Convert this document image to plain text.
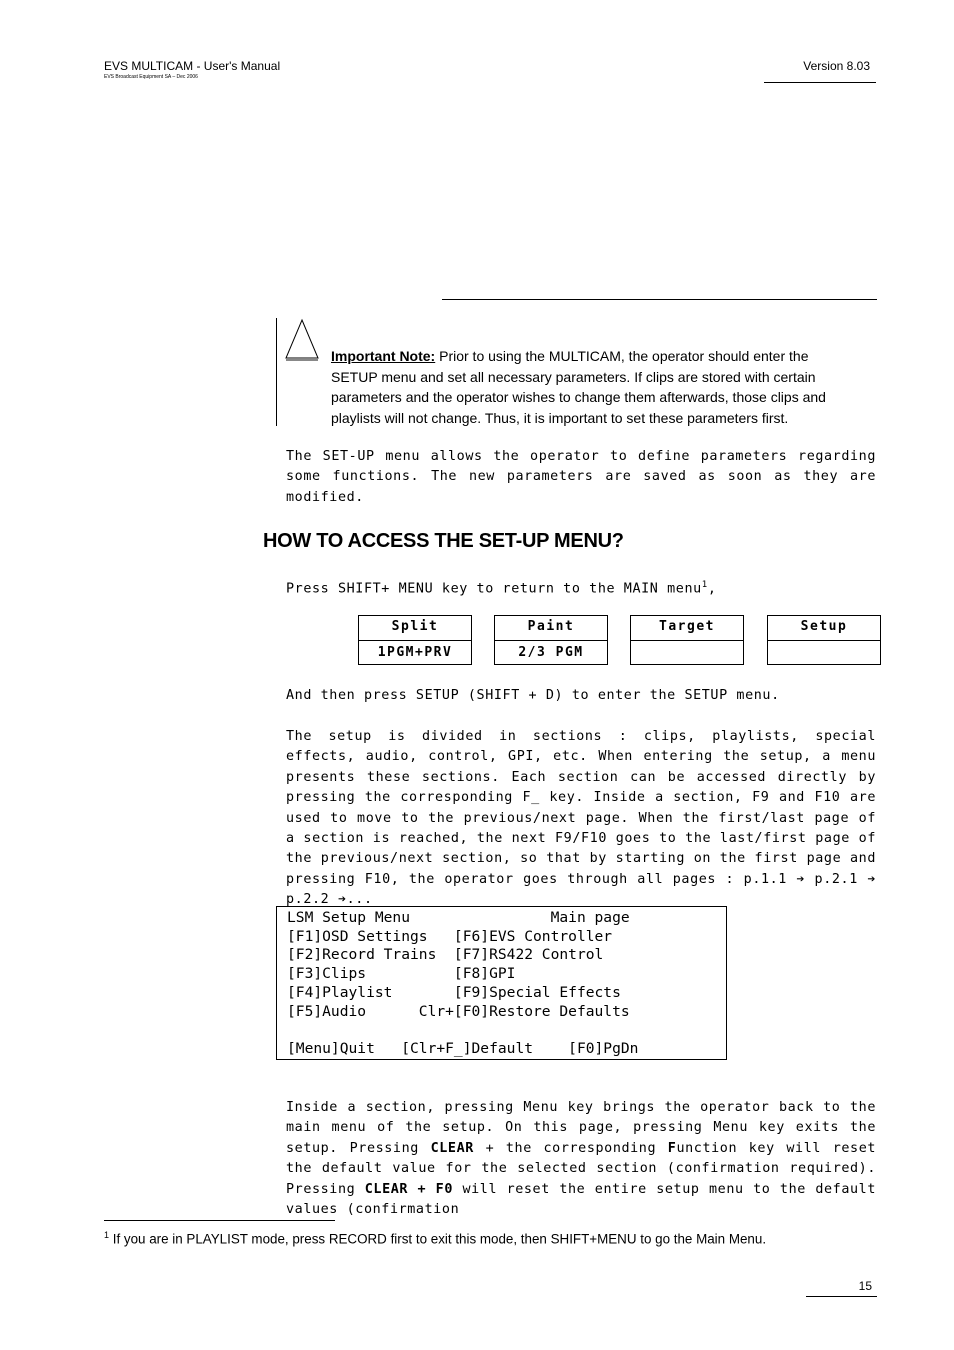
EVS MULTICAM - User's Manual
EVS Broadcast Equipment SA – Dec 2006
Version 8.03
Important Note: Prior to using the MULTICAM, the operator should enter the SETUP menu and set all necessary parameters. If clips are stored with certain parameters and the operator wishes to change them afterwards, those clips and playlists will not change. Thus, it is important to set these parameters first.
The SET-UP menu allows the operator to define parameters regarding some functions. The new parameters are saved as soon as they are modified.
HOW TO ACCESS THE SET-UP MENU?
Press SHIFT+ MENU key to return to the MAIN menu$^1$,
Split
1PGM+PRV
Paint
2/3 PGM
Target	Setup
And then press SETUP (SHIFT + D) to enter the SETUP menu.
The setup is divided in sections : clips, playlists, special effects, audio, control, GPI, etc. When entering the setup, a menu presents these sections. Each section can be accessed directly by pressing the corresponding F_ key. Inside a section, F9 and F10 are used to move to the previous/next page. When the first/last page of a section is reached, the next F9/F10 goes to the last/first page of the previous/next section, so that by starting on the first page and pressing F10, the operator goes through all pages : p.1.1 ➔ p.2.1 ➔ p.2.2 ➔...
LSM Setup Menu                Main page
[F1]OSD Settings   [F6]EVS Controller
[F2]Record Trains  [F7]RS422 Control
[F3]Clips          [F8]GPI
[F4]Playlist       [F9]Special Effects
[F5]Audio      Clr+[F0]Restore Defaults
[Menu]Quit   [Clr+F_]Default    [F0]PgDn
Inside a section, pressing Menu key brings the operator back to the main menu of the setup. On this page, pressing Menu key exits the setup. Pressing CLEAR + the corresponding Function key will reset the default value for the selected section (confirmation required). Pressing CLEAR + F0 will reset the entire setup menu to the default values (confirmation
$^1$ If you are in PLAYLIST mode, press RECORD first to exit this mode, then SHIFT+MENU to go the Main Menu.
15
